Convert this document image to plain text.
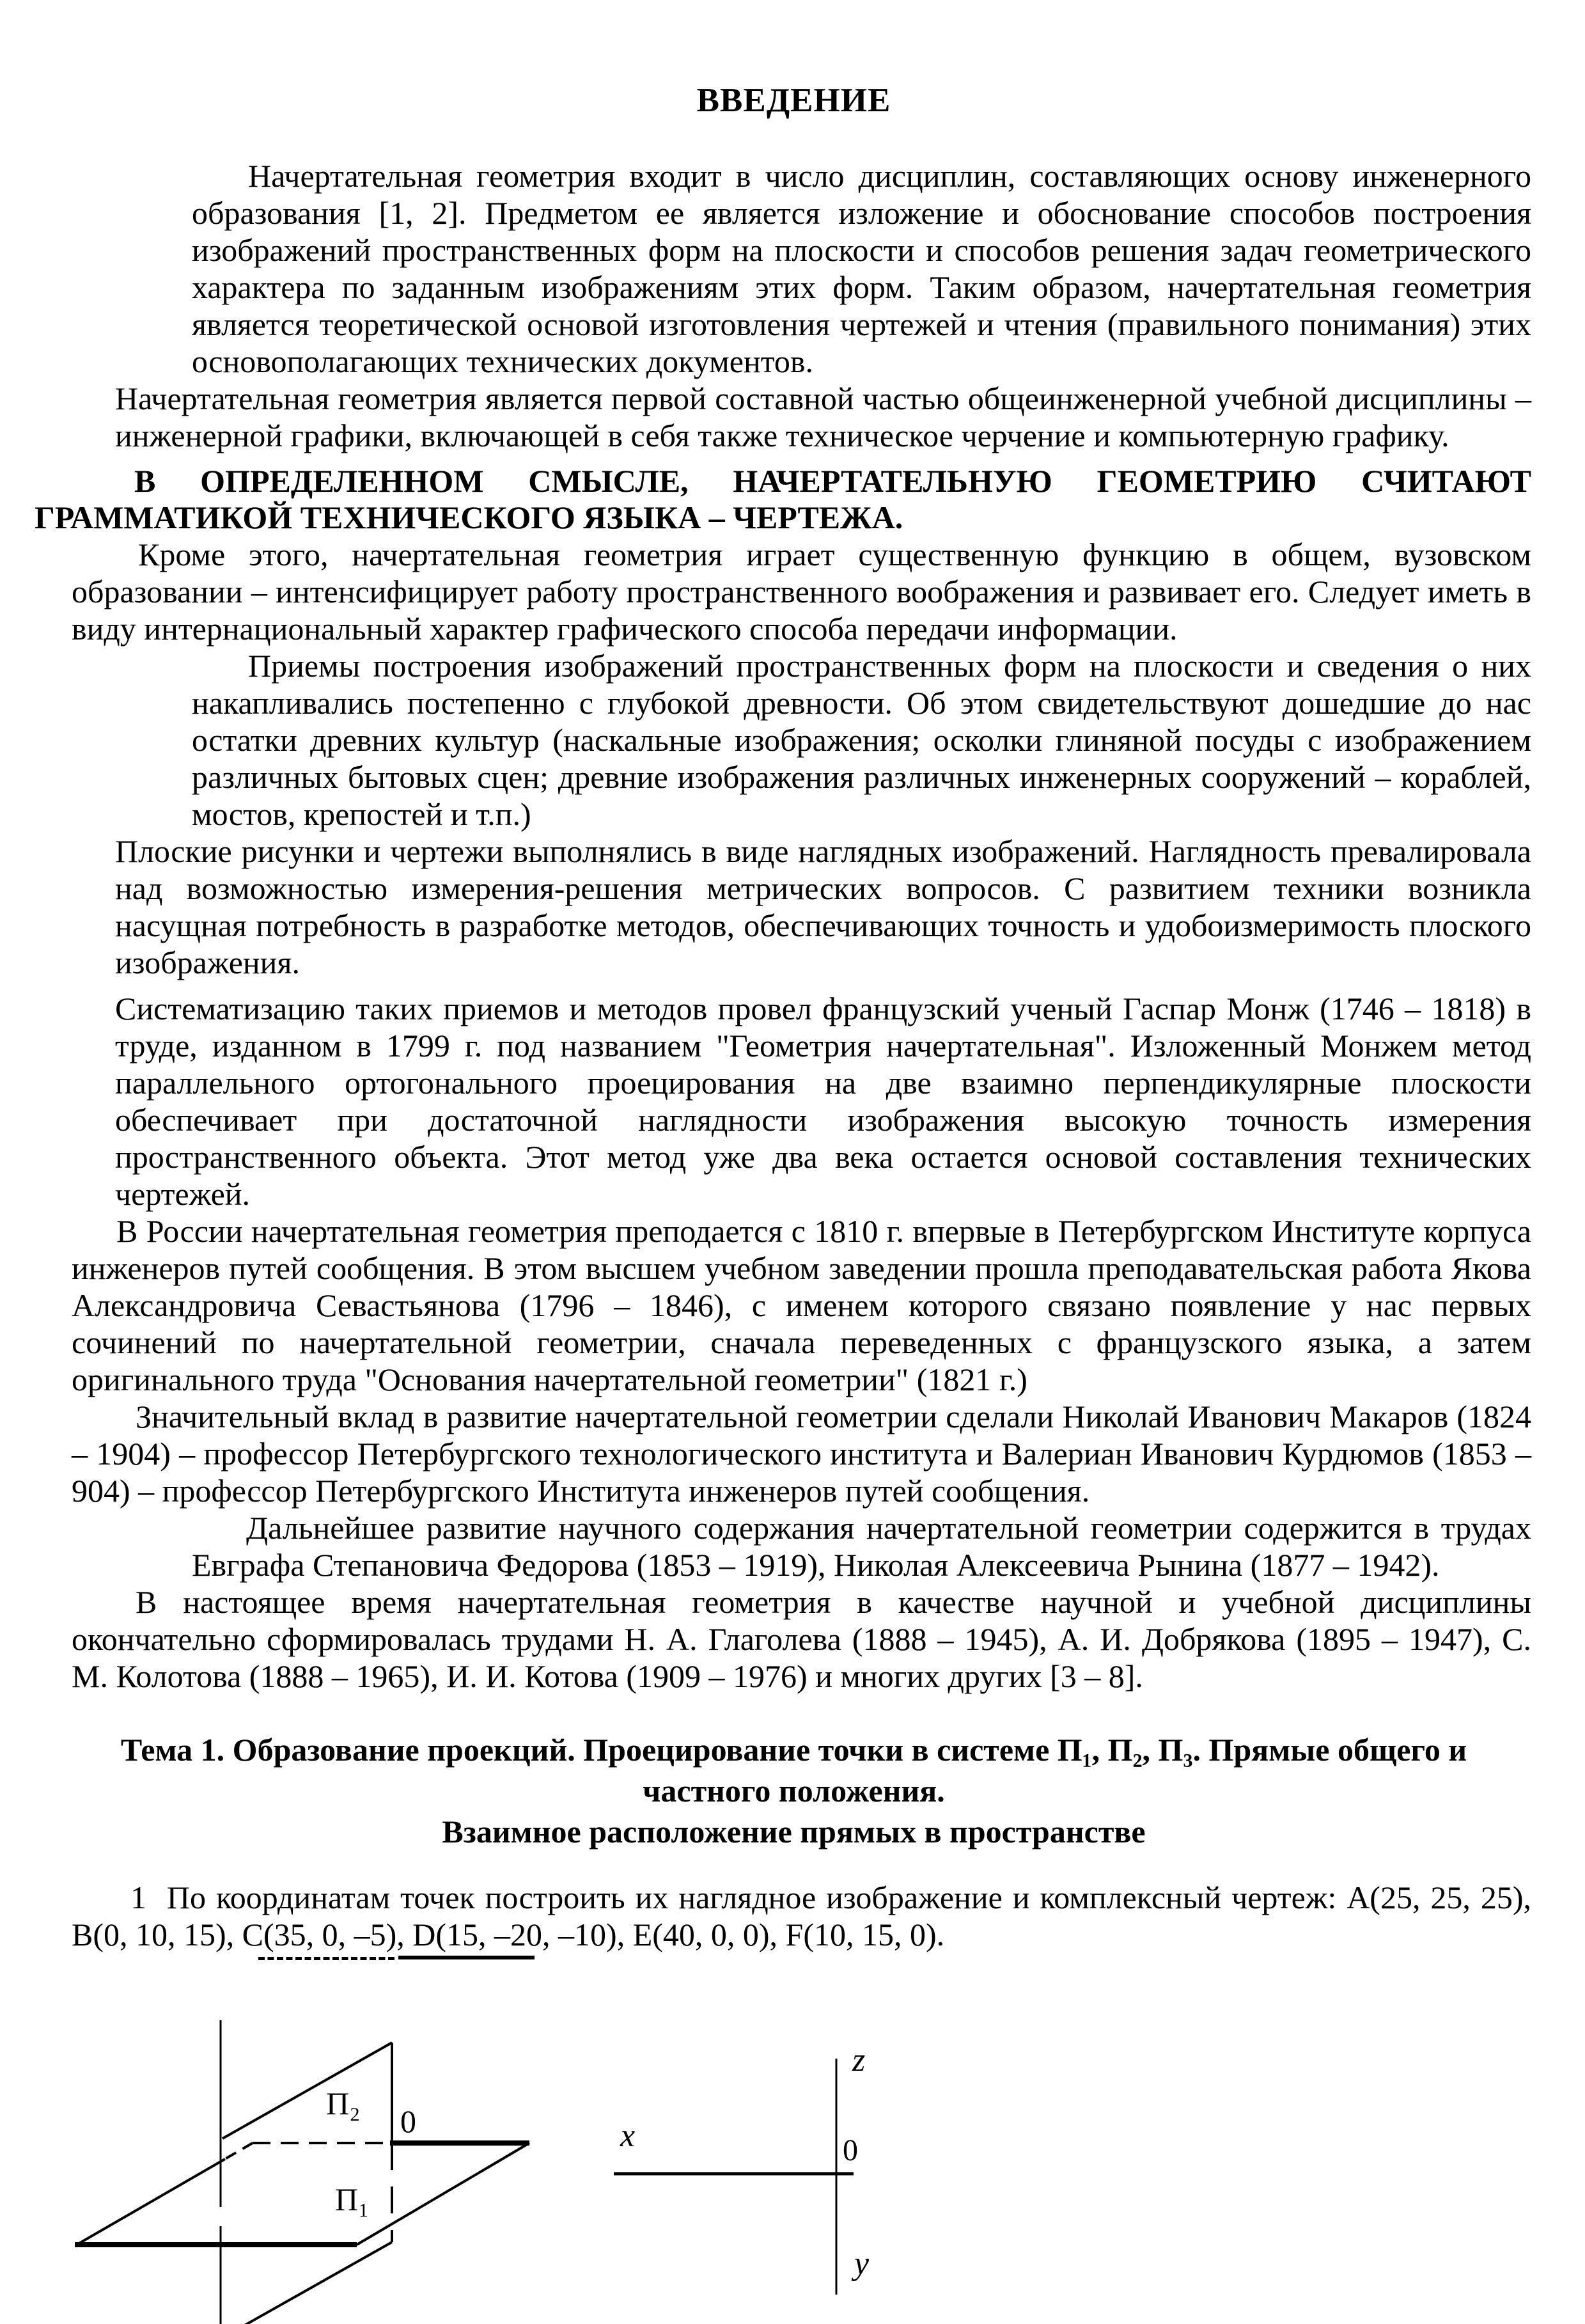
ВВЕДЕНИЕ

Начертательная геометрия входит в число дисциплин, составляющих основу инженерного образования [1, 2]. Предметом ее является изложение и обоснование способов построения изображений пространственных форм на плоскости и способов решения задач геометрического характера по заданным изображениям этих форм. Таким образом, начертательная геометрия является теоретической основой изготовления чертежей и чтения (правильного понимания) этих основополагающих технических документов.

Начертательная геометрия является первой составной частью общеинженерной учебной дисциплины – инженерной графики, включающей в себя также техническое черчение и компьютерную графику.

В ОПРЕДЕЛЕННОМ СМЫСЛЕ, НАЧЕРТАТЕЛЬНУЮ ГЕОМЕТРИЮ СЧИТАЮТ ГРАММАТИКОЙ ТЕХНИЧЕСКОГО ЯЗЫКА – ЧЕРТЕЖА.

Кроме этого, начертательная геометрия играет существенную функцию в общем, вузовском образовании – интенсифицирует работу пространственного воображения и развивает его. Следует иметь в виду интернациональный характер графического способа передачи информации.

Приемы построения изображений пространственных форм на плоскости и сведения о них накапливались постепенно с глубокой древности. Об этом свидетельствуют дошедшие до нас остатки древних культур (наскальные изображения; осколки глиняной посуды с изображением различных бытовых сцен; древние изображения различных инженерных сооружений – кораблей, мостов, крепостей и т.п.)

Плоские рисунки и чертежи выполнялись в виде наглядных изображений. Наглядность превалировала над возможностью измерения-решения метрических вопросов. С развитием техники возникла насущная потребность в разработке методов, обеспечивающих точность и удобоизмеримость плоского изображения.

Систематизацию таких приемов и методов провел французский ученый Гаспар Монж (1746 – 1818) в труде, изданном в 1799 г. под названием "Геометрия начертательная". Изложенный Монжем метод параллельного ортогонального проецирования на две взаимно перпендикулярные плоскости обеспечивает при достаточной наглядности изображения высокую точность измерения пространственного объекта. Этот метод уже два века остается основой составления технических чертежей.

В России начертательная геометрия преподается с 1810 г. впервые в Петербургском Институте корпуса инженеров путей сообщения. В этом высшем учебном заведении прошла преподавательская работа Якова Александровича Севастьянова (1796 – 1846), с именем которого связано появление у нас первых сочинений по начертательной геометрии, сначала переведенных с французского языка, а затем оригинального труда "Основания начертательной геометрии" (1821 г.)

Значительный вклад в развитие начертательной геометрии сделали Николай Иванович Макаров (1824 – 1904) – профессор Петербургского технологического института и Валериан Иванович Курдюмов (1853 – 904) – профессор Петербургского Института инженеров путей сообщения.

Дальнейшее развитие научного содержания начертательной геометрии содержится в трудах Евграфа Степановича Федорова (1853 – 1919), Николая Алексеевича Рынина (1877 – 1942).

В настоящее время начертательная геометрия в качестве научной и учебной дисциплины окончательно сформировалась трудами Н. А. Глаголева (1888 – 1945), А. И. Добрякова (1895 – 1947), С. М. Колотова (1888 – 1965), И. И. Котова (1909 – 1976) и многих других [3 – 8].

Тема 1. Образование проекций. Проецирование точки в системе П₁, П₂, П₃. Прямые общего и частного положения.

Взаимное расположение прямых в пространстве

1 По координатам точек построить их наглядное изображение и комплексный чертеж: A(25, 25, 25), B(0, 10, 15), C(35, 0, –5), D(15, –20, –10), E(40, 0, 0), F(10, 15, 0).

П₂ 0
П₁
z
x	0
y
